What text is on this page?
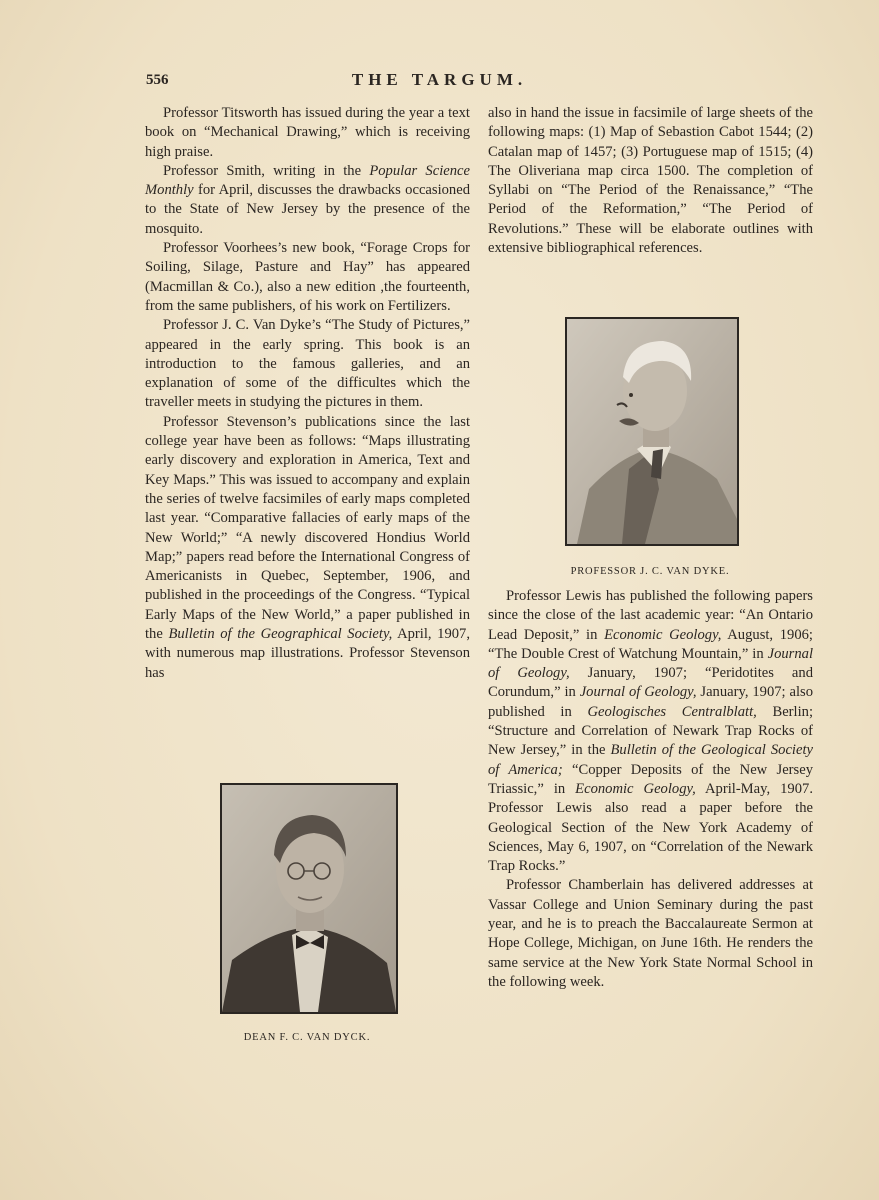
556	THE TARGUM.

Professor Titsworth has issued during the year a text book on “Mechanical Drawing,” which is receiving high praise.

Professor Smith, writing in the Popular Science Monthly for April, discusses the drawbacks occasioned to the State of New Jersey by the presence of the mosquito.

Professor Voorhees’s new book, “Forage Crops for Soiling, Silage, Pasture and Hay” has appeared (Macmillan & Co.), also a new edition ,the fourteenth, from the same publishers, of his work on Fertilizers.

Professor J. C. Van Dyke’s “The Study of Pictures,” appeared in the early spring. This book is an introduction to the famous galleries, and an explanation of some of the difficultes which the traveller meets in studying the pictures in them.

Professor Stevenson’s publications since the last college year have been as follows: “Maps illustrating early discovery and exploration in America, Text and Key Maps.” This was issued to accompany and explain the series of twelve facsimiles of early maps completed last year. “Comparative fallacies of early maps of the New World;” “A newly discovered Hondius World Map;” papers read before the International Congress of Americanists in Quebec, September, 1906, and published in the proceedings of the Congress. “Typical Early Maps of the New World,” a paper published in the Bulletin of the Geographical Society, April, 1907, with numerous map illustrations. Professor Stevenson has

also in hand the issue in facsimile of large sheets of the following maps: (1) Map of Sebastion Cabot 1544; (2) Catalan map of 1457; (3) Portuguese map of 1515; (4) The Oliveriana map circa 1500. The completion of Syllabi on “The Period of the Renaissance,” “The Period of the Reformation,” “The Period of Revolutions.” These will be elaborate outlines with extensive bibliographical references.

PROFESSOR J. C. VAN DYKE.

Professor Lewis has published the following papers since the close of the last academic year: “An Ontario Lead Deposit,” in Economic Geology, August, 1906; “The Double Crest of Watchung Mountain,” in Journal of Geology, January, 1907; “Peridotites and Corundum,” in Journal of Geology, January, 1907; also published in Geologisches Centralblatt, Berlin; “Structure and Correlation of Newark Trap Rocks of New Jersey,” in the Bulletin of the Geological Society of America; “Copper Deposits of the New Jersey Triassic,” in Economic Geology, April-May, 1907. Professor Lewis also read a paper before the Geological Section of the New York Academy of Sciences, May 6, 1907, on “Correlation of the Newark Trap Rocks.”

Professor Chamberlain has delivered addresses at Vassar College and Union Seminary during the past year, and he is to preach the Baccalaureate Sermon at Hope College, Michigan, on June 16th. He renders the same service at the New York State Normal School in the following week.

DEAN F. C. VAN DYCK.
